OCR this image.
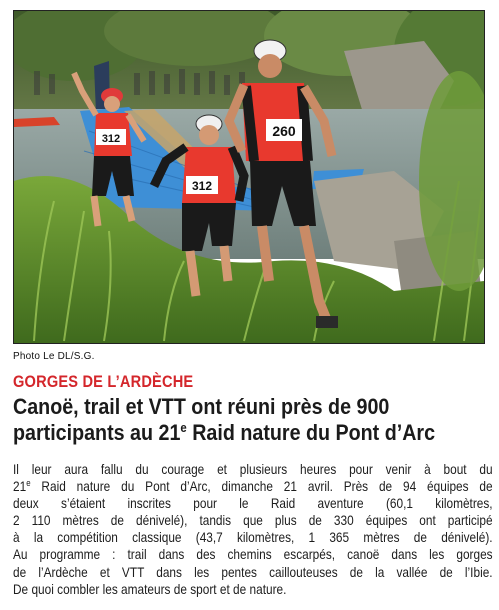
312
312
260
Photo Le DL/S.G.
GORGES DE L’ARDÈCHE
Canoë, trail et VTT ont réuni près de 900
participants au 21e Raid nature du Pont d’Arc
Il leur aura fallu du courage et plusieurs heures pour venir à bout du
21e Raid nature du Pont d’Arc, dimanche 21 avril. Près de 94 équipes de
deux s’étaient inscrites pour le Raid aventure (60,1 kilomètres,
2 110 mètres de dénivelé), tandis que plus de 330 équipes ont participé
à la compétition classique (43,7 kilomètres, 1 365 mètres de dénivelé).
Au programme : trail dans des chemins escarpés, canoë dans les gorges
de l’Ardèche et VTT dans les pentes caillouteuses de la vallée de l’Ibie.
De quoi combler les amateurs de sport et de nature.
